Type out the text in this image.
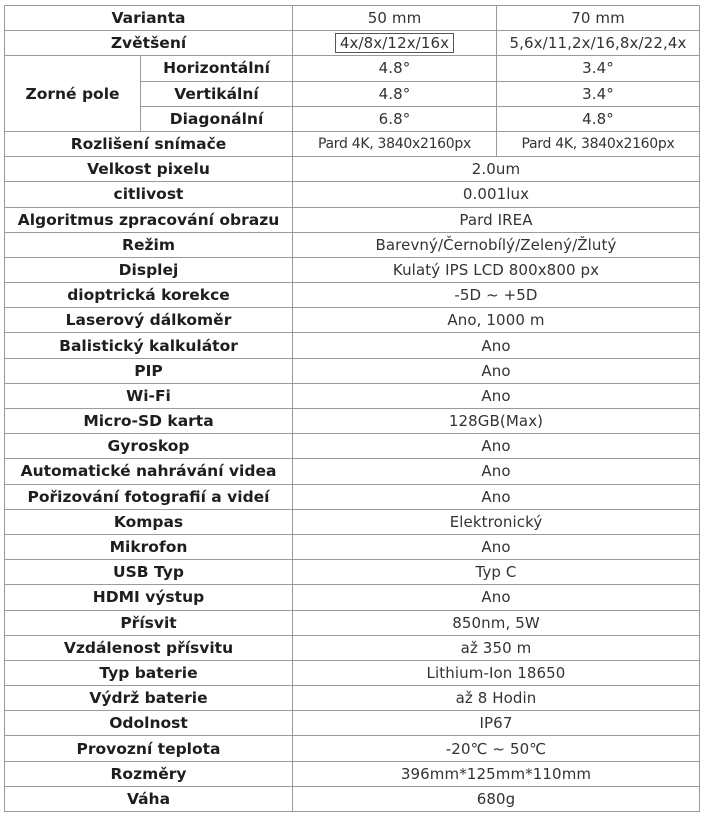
Varianta		50 mm	70 mm
Zvětšení		4x/8x/12x/16x	5,6x/11,2x/16,8x/22,4x
Zorné pole	Horizontální	4.8°	3.4°
	Vertikální	4.8°	3.4°
	Diagonální	6.8°	4.8°
Rozlišení snímače		Pard 4K, 3840x2160px	Pard 4K, 3840x2160px
Velkost pixelu		2.0um	
citlivost		0.001lux	
Algoritmus zpracování obrazu		Pard IREA	
Režim		Barevný/Černobílý/Zelený/Žlutý	
Displej		Kulatý IPS LCD 800x800 px	
dioptrická korekce		-5D ~ +5D	
Laserový dálkoměr		Ano, 1000 m	
Balistický kalkulátor		Ano	
PIP		Ano	
Wi-Fi		Ano	
Micro-SD karta		128GB(Max)	
Gyroskop		Ano	
Automatické nahrávání videa		Ano	
Pořizování fotografií a videí		Ano	
Kompas		Elektronický	
Mikrofon		Ano	
USB Typ		Typ C	
HDMI výstup		Ano	
Přísvit		850nm, 5W	
Vzdálenost přísvitu		až 350 m	
Typ baterie		Lithium-Ion 18650	
Výdrž baterie		až 8 Hodin	
Odolnost		IP67	
Provozní teplota		-20℃ ~ 50℃	
Rozměry		396mm*125mm*110mm	
Váha		680g	
